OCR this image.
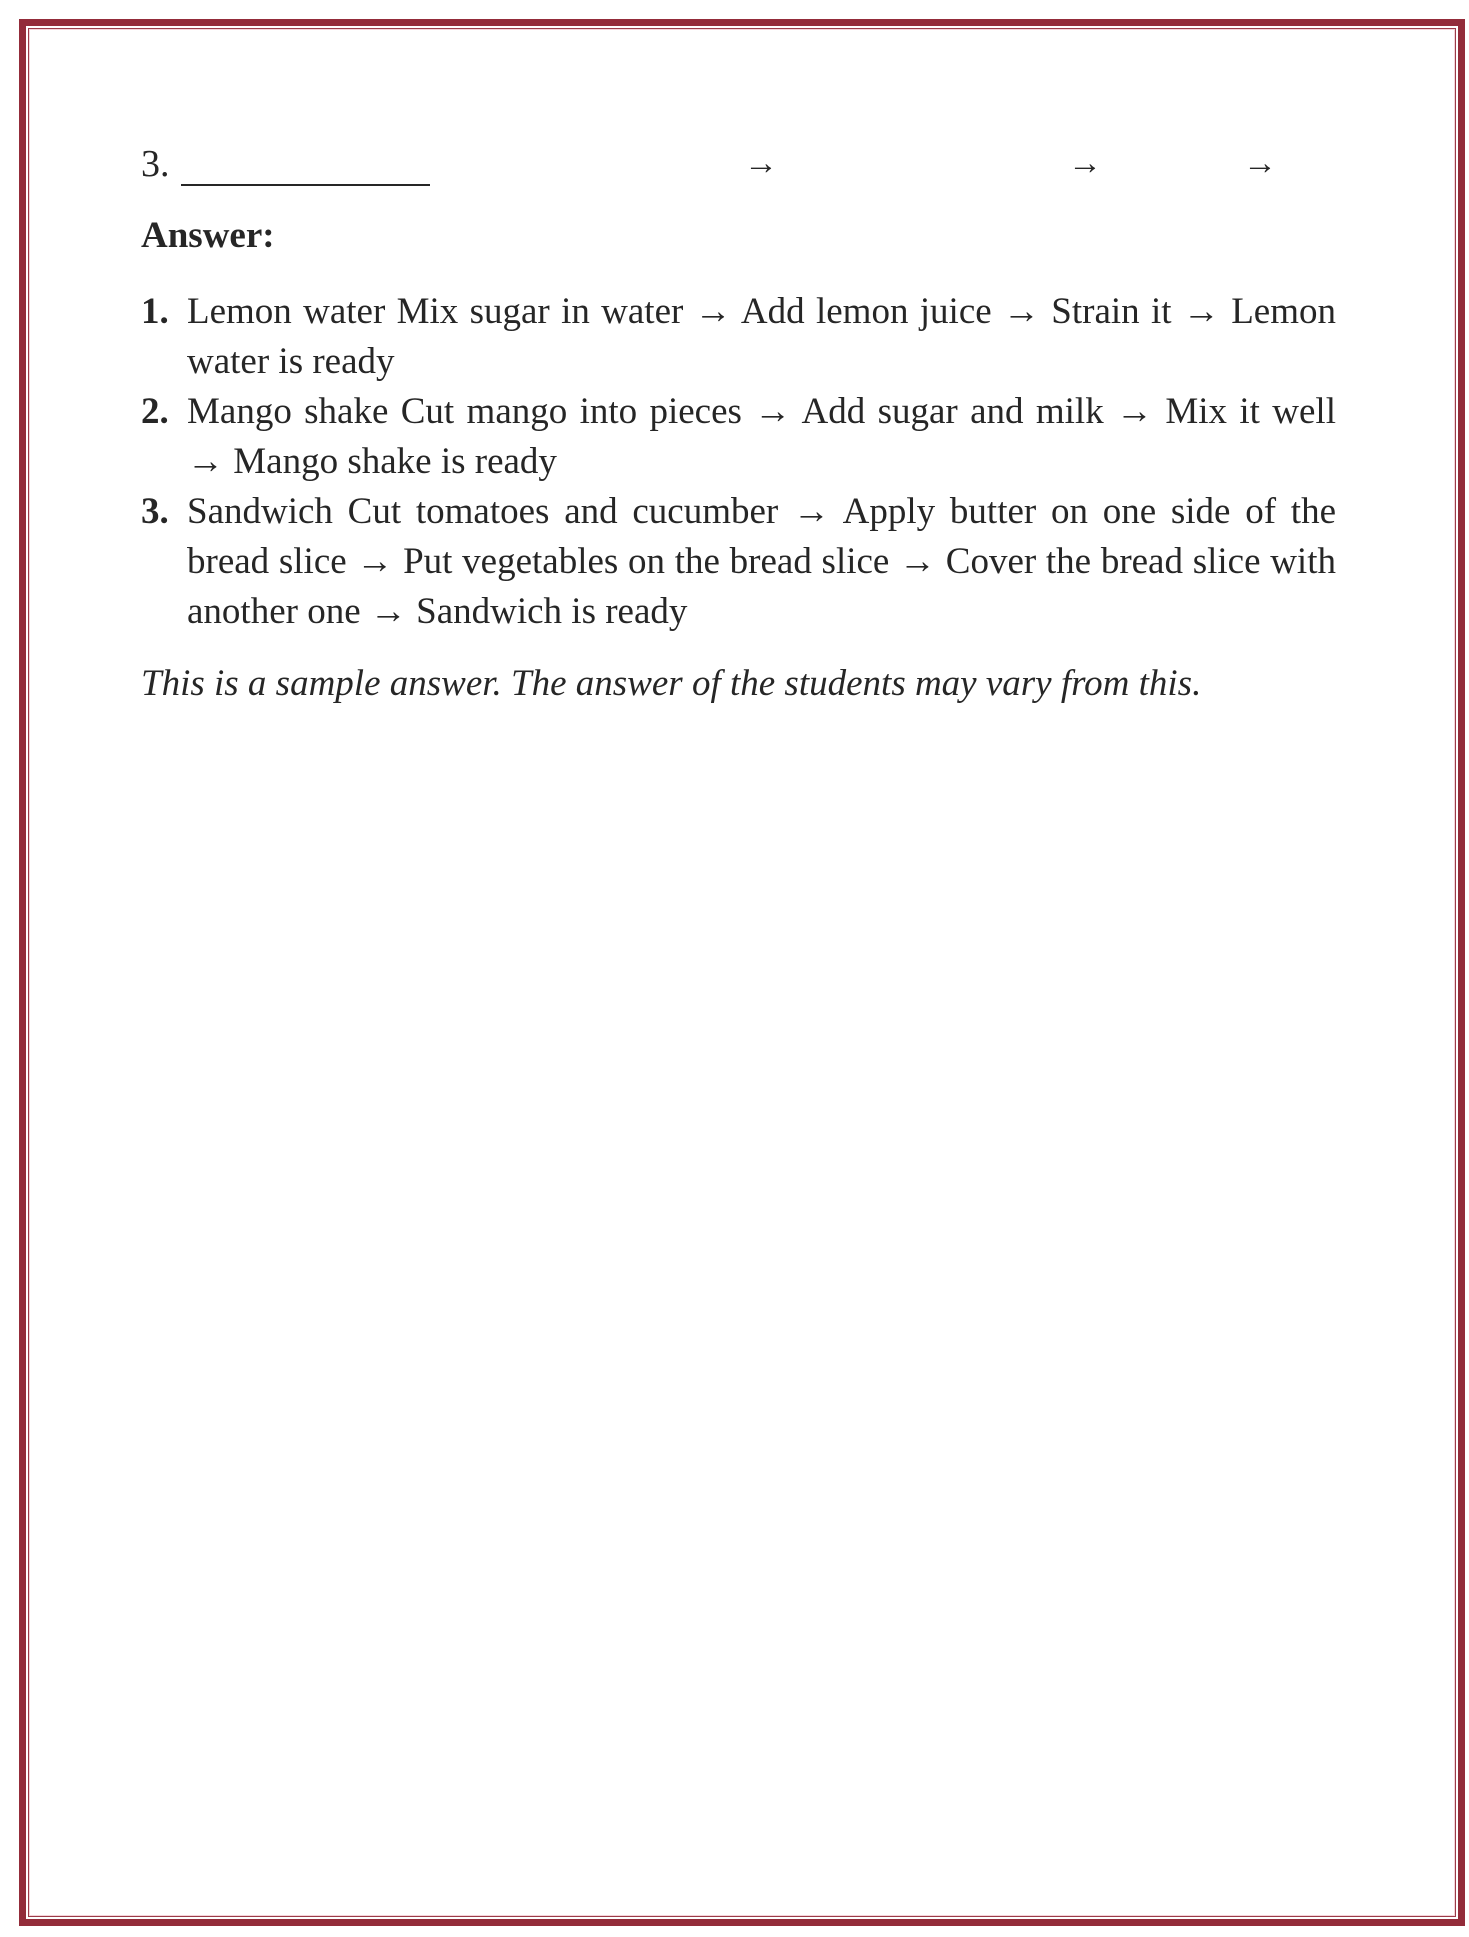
3.	→	→	→
Answer:
1. Lemon water Mix sugar in water → Add lemon juice → Strain it → Lemon water is ready
2. Mango shake Cut mango into pieces → Add sugar and milk → Mix it well → Mango shake is ready
3. Sandwich Cut tomatoes and cucumber → Apply butter on one side of the bread slice → Put vegetables on the bread slice → Cover the bread slice with another one → Sandwich is ready
This is a sample answer. The answer of the students may vary from this.
